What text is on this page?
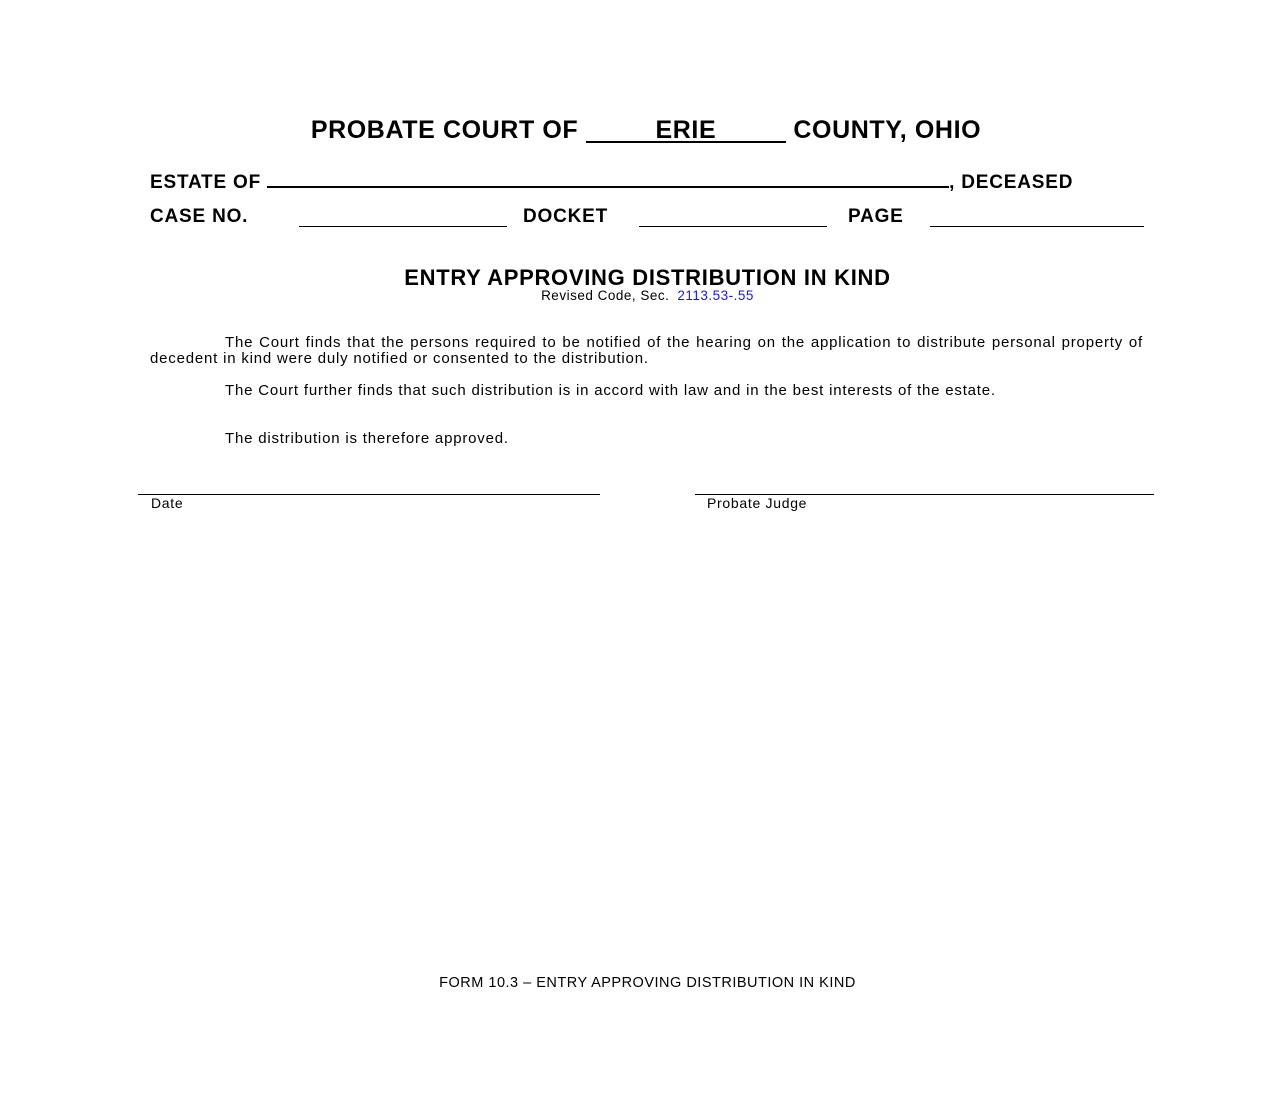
PROBATE COURT OF	ERIE	COUNTY, OHIO
ESTATE OF	, DECEASED
CASE NO.	DOCKET	PAGE
ENTRY APPROVING DISTRIBUTION IN KIND
Revised Code, Sec. 2113.53-.55
The Court finds that the persons required to be notified of the hearing on the application to distribute personal property of decedent in kind were duly notified or consented to the distribution.
The Court further finds that such distribution is in accord with law and in the best interests of the estate.
The distribution is therefore approved.
Date	Probate Judge
FORM 10.3 – ENTRY APPROVING DISTRIBUTION IN KIND
